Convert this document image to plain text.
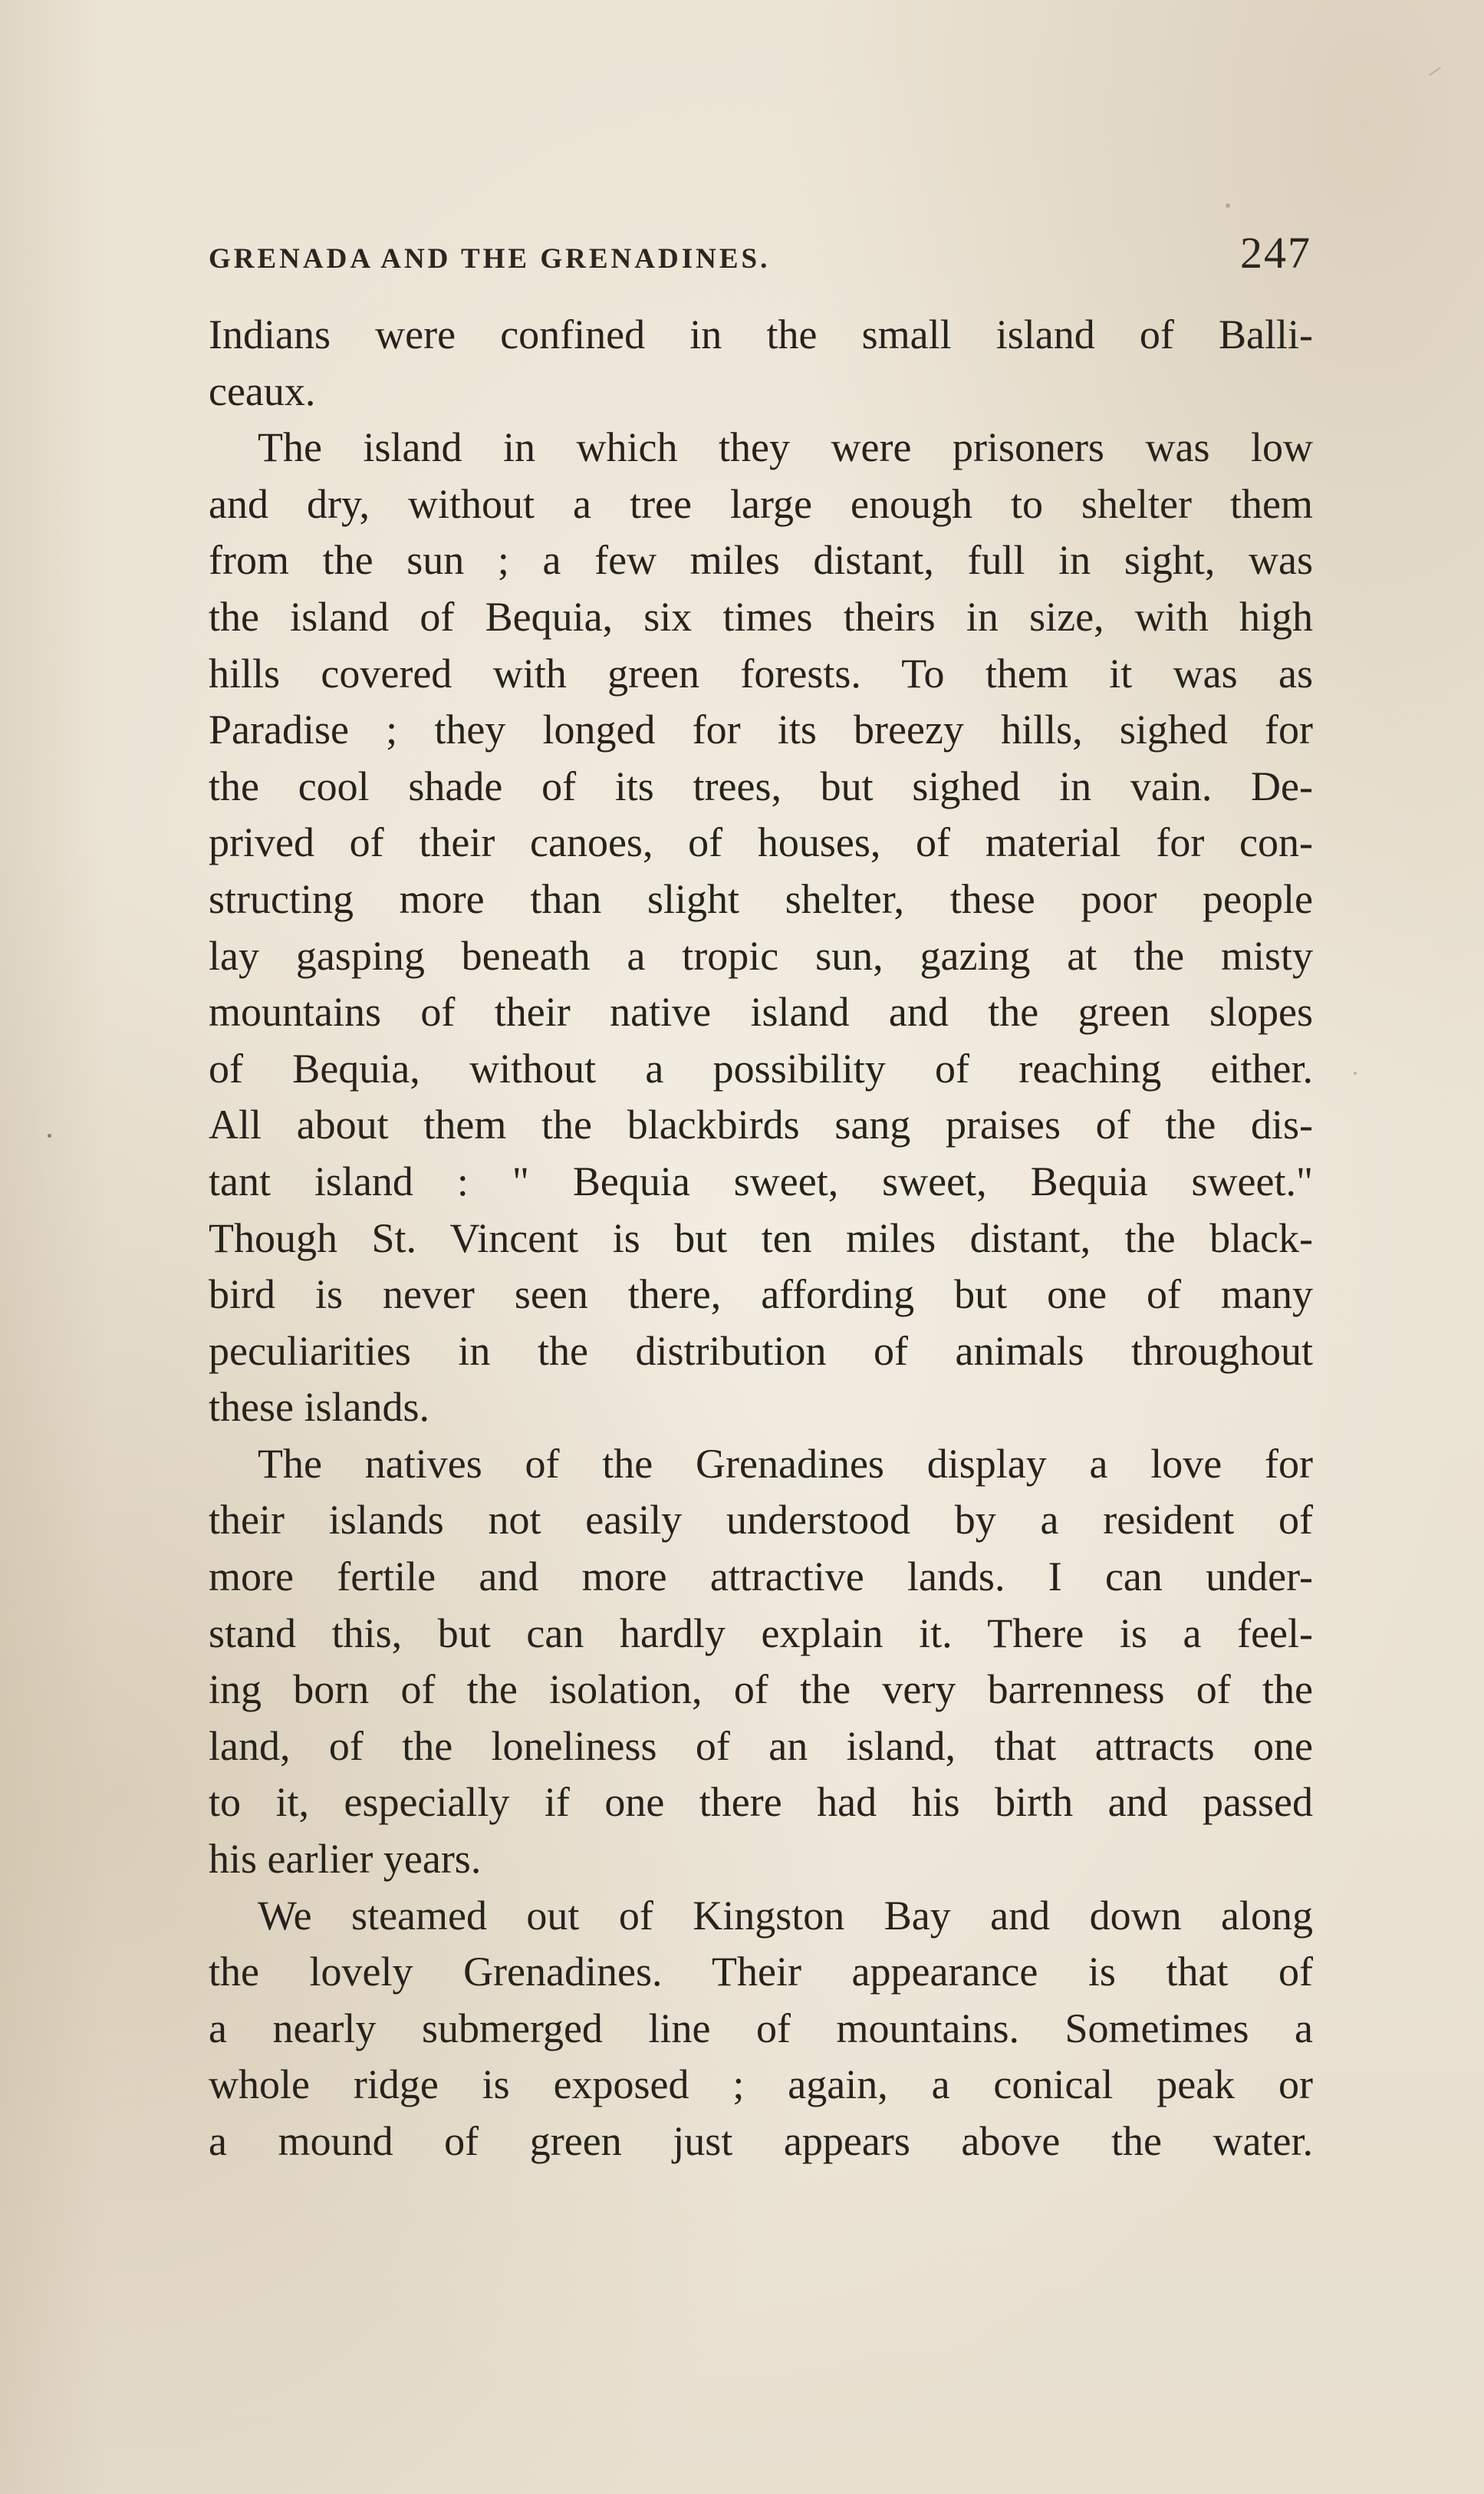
GRENADA AND THE GRENADINES.	247
Indians were confined in the small island of Balli-
ceaux.
The island in which they were prisoners was low
and dry, without a tree large enough to shelter them
from the sun ; a few miles distant, full in sight, was
the island of Bequia, six times theirs in size, with high
hills covered with green forests. To them it was as
Paradise ; they longed for its breezy hills, sighed for
the cool shade of its trees, but sighed in vain. De-
prived of their canoes, of houses, of material for con-
structing more than slight shelter, these poor people
lay gasping beneath a tropic sun, gazing at the misty
mountains of their native island and the green slopes
of Bequia, without a possibility of reaching either.
All about them the blackbirds sang praises of the dis-
tant island : " Bequia sweet, sweet, Bequia sweet."
Though St. Vincent is but ten miles distant, the black-
bird is never seen there, affording but one of many
peculiarities in the distribution of animals throughout
these islands.
The natives of the Grenadines display a love for
their islands not easily understood by a resident of
more fertile and more attractive lands. I can under-
stand this, but can hardly explain it. There is a feel-
ing born of the isolation, of the very barrenness of the
land, of the loneliness of an island, that attracts one
to it, especially if one there had his birth and passed
his earlier years.
We steamed out of Kingston Bay and down along
the lovely Grenadines. Their appearance is that of
a nearly submerged line of mountains. Sometimes a
whole ridge is exposed ; again, a conical peak or
a mound of green just appears above the water.
